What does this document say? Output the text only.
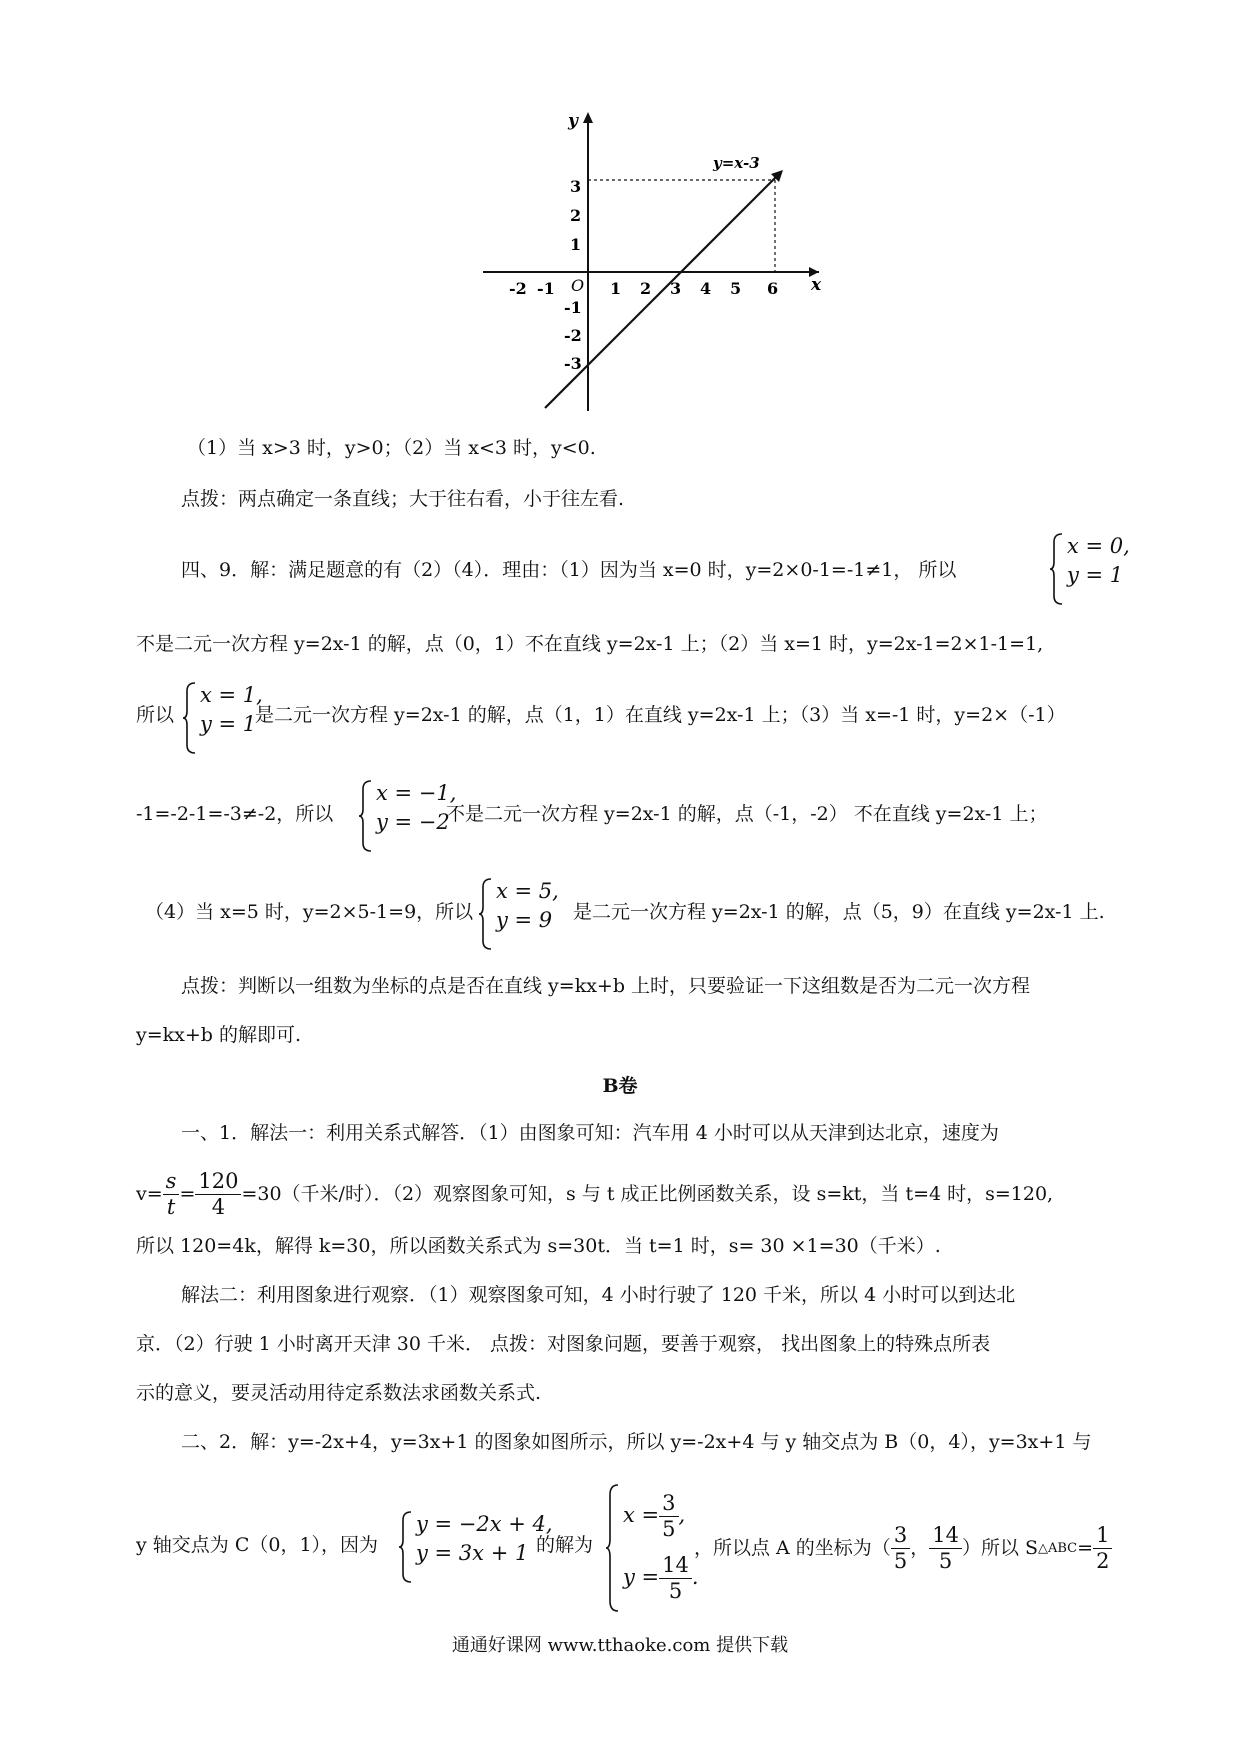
y
x
O
y=x-3
-2 -1	1 2 3 4 5 6
3
2
1
-1
-2
-3
（1）当 x>3 时，y>0；（2）当 x<3 时，y<0.
点拨：两点确定一条直线；大于往右看，小于往左看.
四、9．解：满足题意的有（2）（4）．理由：（1）因为当 x=0 时，y=2×0-1=-1≠1， 所以
x = 0,
y = 1
不是二元一次方程 y=2x-1 的解，点（0，1）不在直线 y=2x-1 上；（2）当 x=1 时，y=2x-1=2×1-1=1,
所以
x = 1,
y = 1
是二元一次方程 y=2x-1 的解，点（1，1）在直线 y=2x-1 上；（3）当 x=-1 时，y=2×（-1）
-1=-2-1=-3≠-2，所以
x = −1,
y = −2
不是二元一次方程 y=2x-1 的解，点（-1，-2） 不在直线 y=2x-1 上；
（4）当 x=5 时，y=2×5-1=9，所以
x = 5,
y = 9	是二元一次方程 y=2x-1 的解，点（5，9）在直线 y=2x-1 上.
点拨：判断以一组数为坐标的点是否在直线 y=kx+b 上时，只要验证一下这组数是否为二元一次方程
y=kx+b 的解即可.
B卷
一、1．解法一：利用关系式解答．（1）由图象可知：汽车用 4 小时可以从天津到达北京，速度为
$v= \frac{s}{t} = \frac{120}{4} =30$（千米/时）．（2）观察图象可知，s 与 t 成正比例函数关系，设 s=kt，当 t=4 时，s=120,
所以 120=4k，解得 k=30，所以函数关系式为 s=30t．当 t=1 时，s= 30 ×1=30（千米）.
解法二：利用图象进行观察．（1）观察图象可知，4 小时行驶了 120 千米，所以 4 小时可以到达北
京．（2）行驶 1 小时离开天津 30 千米． 点拨：对图象问题，要善于观察， 找出图象上的特殊点所表
示的意义，要灵活动用待定系数法求函数关系式.
二、2．解：y=-2x+4，y=3x+1 的图象如图所示，所以 y=-2x+4 与 y 轴交点为 B（0，4），y=3x+1 与
y 轴交点为 C（0，1），因为
y = −2x + 4,
y = 3x + 1 的解为
$x = \frac{3}{5}$ ,
$y = \frac{14}{5}$ .
，所以点 A 的坐标为（ $\frac{3}{5}$ ， $\frac{14}{5}$ ）所以 S △ABC = $\frac{1}{2}$
通通好课网 www.tthaoke.com 提供下载
